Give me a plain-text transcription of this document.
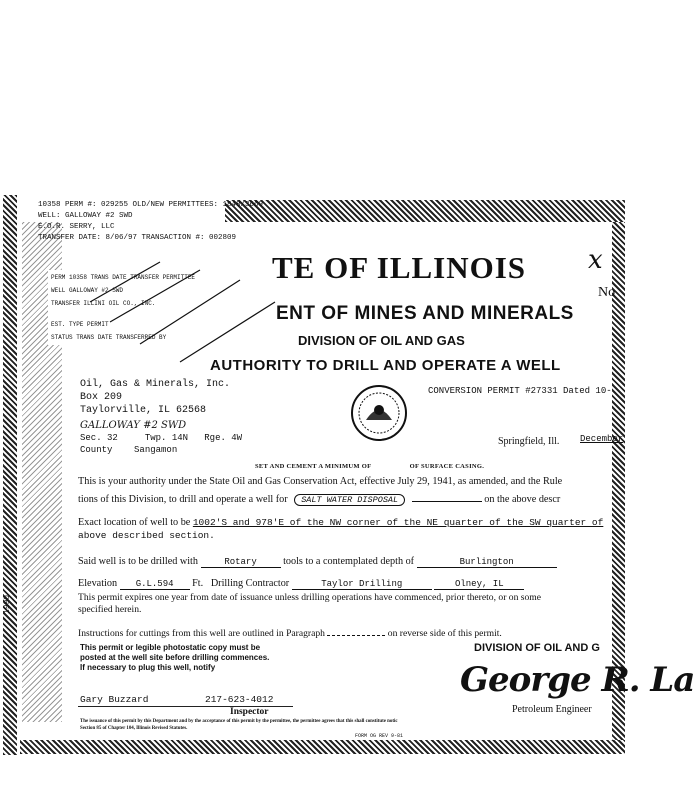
1990
10358 PERM #: 029255 OLD/NEW PERMITTEES: 1848/3669
WELL: GALLOWAY #2 SWD
E.O.R. SERRY, LLC
TRANSFER DATE: 8/06/97 TRANSACTION #: 002809
PERM 10358 TRANS DATE TRANSFER PERMITTEE
WELL GALLOWAY #2 SWD
TRANSFER ILLINI OIL CO., INC.
EST. TYPE PERMIT
STATUS TRANS DATE TRANSFERRED BY
TE OF ILLINOIS x
No
ENT OF MINES AND MINERALS
DIVISION OF OIL AND GAS
AUTHORITY TO DRILL AND OPERATE A WELL
Oil, Gas & Minerals, Inc.
Box 209
Taylorville, IL 62568
GALLOWAY #2 SWD
Sec. 32	Twp. 14N Rge. 4W
County Sangamon
CONVERSION PERMIT #27331 Dated 10-
Springfield, Ill. December
SET AND CEMENT A MINIMUM OF                    OF SURFACE CASING.
This is your authority under the State Oil and Gas Conservation Act, effective July 29, 1941, as amended, and the Rule
tions of this Division, to drill and operate a well for SALT WATER DISPOSAL	on the above descr
Exact location of well to be 1002'S and 978'E of the NW corner of the NE quarter of the SW quarter of
above described section.
Said well is to be drilled with	Rotary	tools to a contemplated depth of	Burlington
Elevation G.L.594 Ft. Drilling Contractor	Taylor Drilling	Olney, IL
This permit expires one year from date of issuance unless drilling operations have commenced, prior thereto, or on some
specified herein.
Instructions for cuttings from this well are outlined in Paragraph	on reverse side of this permit.
This permit or legible photostatic copy must be
posted at the well site before drilling commences.
If necessary to plug this well, notify
DIVISION OF OIL AND G
George R. La
Petroleum Engineer
Gary Buzzard	217-623-4012
Inspector
The issuance of this permit by this Department and by the acceptance of this permit by the permittee, the permittee agrees that this shall constitute notic
Section 85 of Chapter 104, Illinois Revised Statutes.
FORM OG REV 9-81
